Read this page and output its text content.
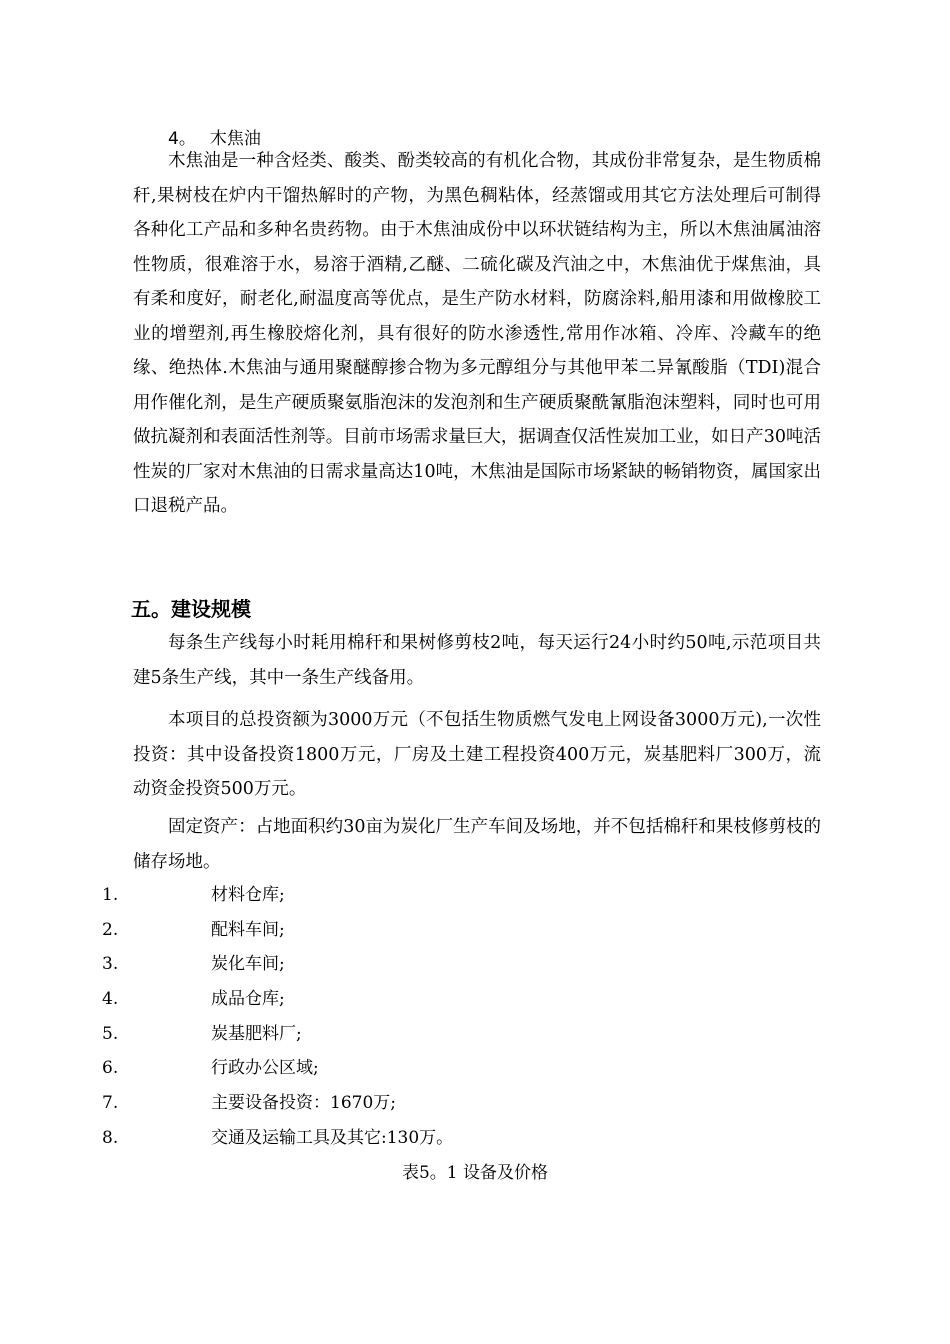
4。 木焦油

木焦油是一种含烃类、酸类、酚类较高的有机化合物，其成份非常复杂，是生物质棉秆,果树枝在炉内干馏热解时的产物，为黑色稠粘体，经蒸馏或用其它方法处理后可制得各种化工产品和多种名贵药物。由于木焦油成份中以环状链结构为主，所以木焦油属油溶性物质，很难溶于水，易溶于酒精,乙醚、二硫化碳及汽油之中，木焦油优于煤焦油，具有柔和度好，耐老化,耐温度高等优点，是生产防水材料，防腐涂料,船用漆和用做橡胶工业的增塑剂,再生橡胶熔化剂，具有很好的防水渗透性,常用作冰箱、冷库、冷藏车的绝缘、绝热体.木焦油与通用聚醚醇掺合物为多元醇组分与其他甲苯二异氰酸脂（TDI)混合用作催化剂，是生产硬质聚氨脂泡沫的发泡剂和生产硬质聚酰氰脂泡沫塑料，同时也可用做抗凝剂和表面活性剂等。目前市场需求量巨大，据调查仅活性炭加工业，如日产30吨活性炭的厂家对木焦油的日需求量高达10吨，木焦油是国际市场紧缺的畅销物资，属国家出口退税产品。

五。建设规模

每条生产线每小时耗用棉秆和果树修剪枝2吨，每天运行24小时约50吨,示范项目共建5条生产线，其中一条生产线备用。

本项目的总投资额为3000万元（不包括生物质燃气发电上网设备3000万元),一次性投资：其中设备投资1800万元，厂房及土建工程投资400万元，炭基肥料厂300万，流动资金投资500万元。

固定资产：占地面积约30亩为炭化厂生产车间及场地，并不包括棉秆和果枝修剪枝的储存场地。

1.	材料仓库;
2.	配料车间;
3.	炭化车间;
4.	成品仓库;
5.	炭基肥料厂;
6.	行政办公区域;
7.	主要设备投资：1670万;
8.	交通及运输工具及其它:130万。
表5。1 设备及价格
